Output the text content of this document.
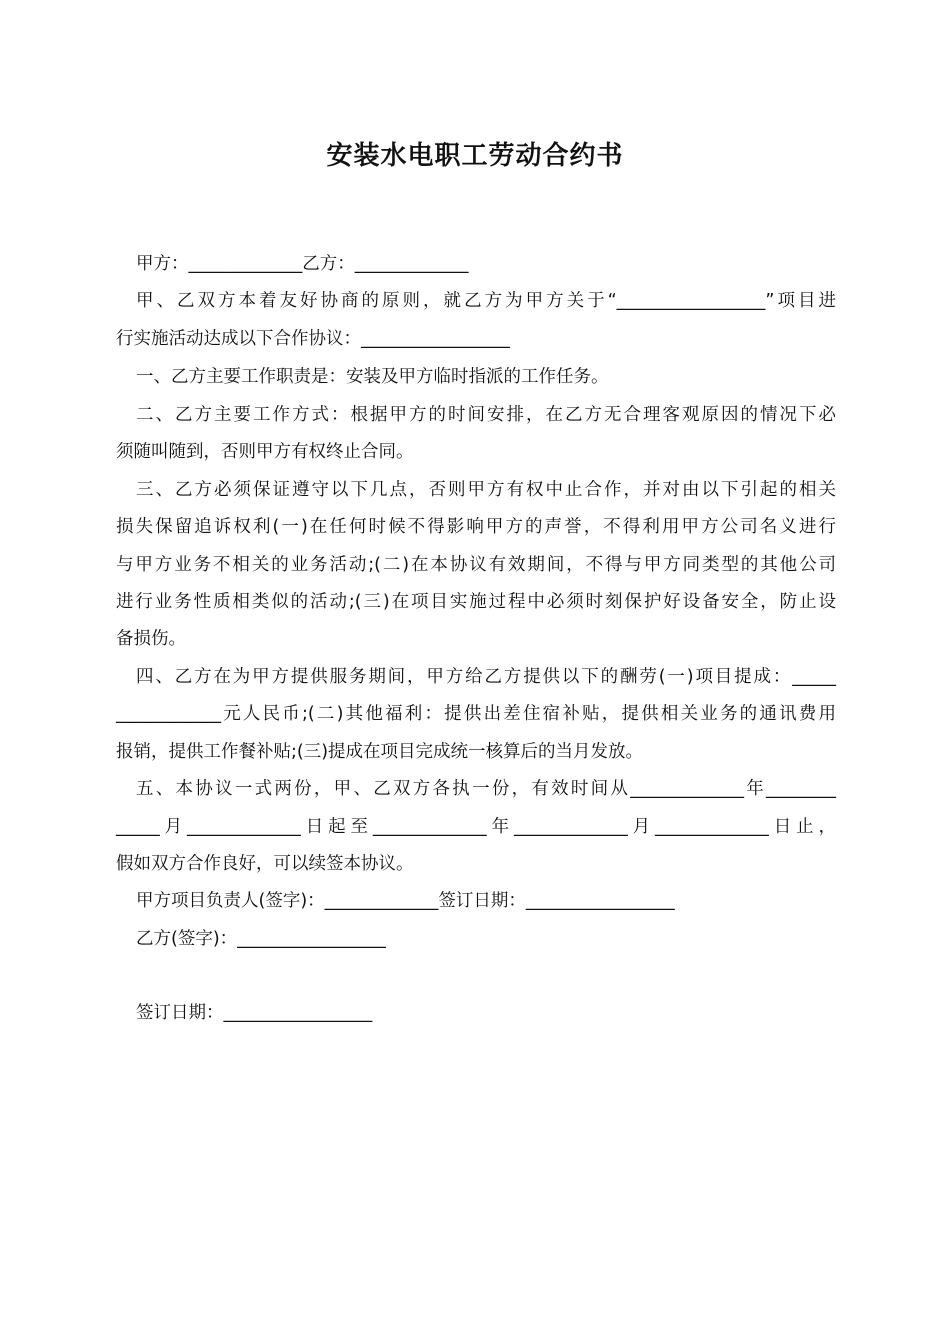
安装水电职工劳动合约书
甲方：_____________乙方：_____________
甲、乙双方本着友好协商的原则，就乙方为甲方关于“_________________”项目进
行实施活动达成以下合作协议：_________________
一、乙方主要工作职责是：安装及甲方临时指派的工作任务。
二、乙方主要工作方式：根据甲方的时间安排，在乙方无合理客观原因的情况下必
须随叫随到，否则甲方有权终止合同。
三、乙方必须保证遵守以下几点，否则甲方有权中止合作，并对由以下引起的相关
损失保留追诉权利(一)在任何时候不得影响甲方的声誉，不得利用甲方公司名义进行
与甲方业务不相关的业务活动;(二)在本协议有效期间，不得与甲方同类型的其他公司
进行业务性质相类似的活动;(三)在项目实施过程中必须时刻保护好设备安全，防止设
备损伤。
四、乙方在为甲方提供服务期间，甲方给乙方提供以下的酬劳(一)项目提成：_____
____________元人民币;(二)其他福利：提供出差住宿补贴，提供相关业务的通讯费用
报销，提供工作餐补贴;(三)提成在项目完成统一核算后的当月发放。
五、本协议一式两份，甲、乙双方各执一份，有效时间从_____________年________
_____月_____________日起至_____________年_____________月_____________日止，
假如双方合作良好，可以续签本协议。
甲方项目负责人(签字)：_____________签订日期：_________________
乙方(签字)：_________________
签订日期：_________________
